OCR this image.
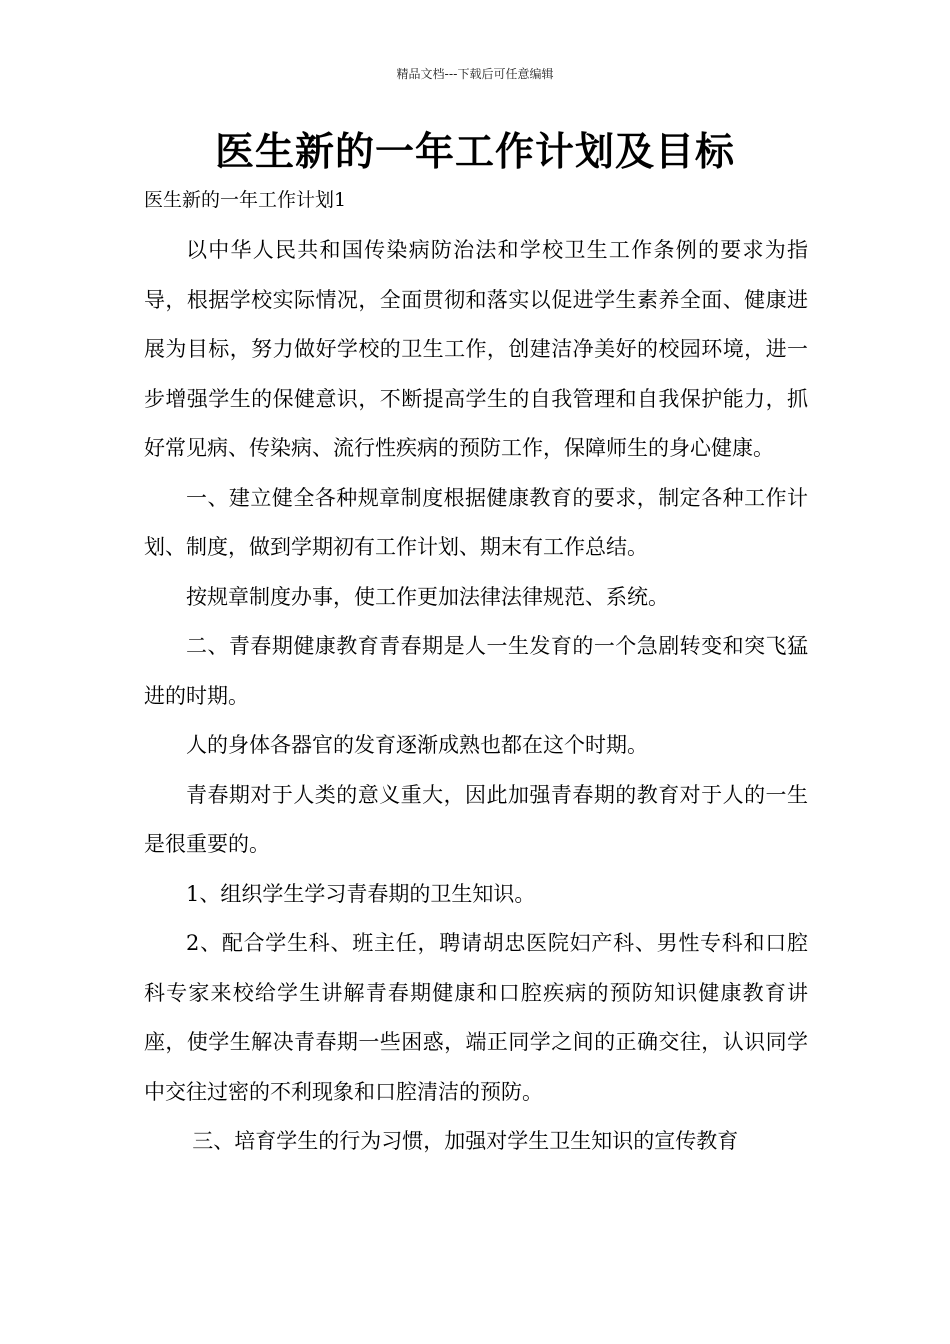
精品文档---下载后可任意编辑
医生新的一年工作计划及目标
医生新的一年工作计划1

以中华人民共和国传染病防治法和学校卫生工作条例的要求为指导，根据学校实际情况，全面贯彻和落实以促进学生素养全面、健康进展为目标，努力做好学校的卫生工作，创建洁净美好的校园环境，进一步增强学生的保健意识，不断提高学生的自我管理和自我保护能力，抓好常见病、传染病、流行性疾病的预防工作，保障师生的身心健康。

一、建立健全各种规章制度根据健康教育的要求，制定各种工作计划、制度，做到学期初有工作计划、期末有工作总结。

按规章制度办事，使工作更加法律法律规范、系统。

二、青春期健康教育青春期是人一生发育的一个急剧转变和突飞猛进的时期。

人的身体各器官的发育逐渐成熟也都在这个时期。

青春期对于人类的意义重大，因此加强青春期的教育对于人的一生是很重要的。

1、组织学生学习青春期的卫生知识。

2、配合学生科、班主任，聘请胡忠医院妇产科、男性专科和口腔科专家来校给学生讲解青春期健康和口腔疾病的预防知识健康教育讲座，使学生解决青春期一些困惑，端正同学之间的正确交往，认识同学中交往过密的不利现象和口腔清洁的预防。

三、培育学生的行为习惯，加强对学生卫生知识的宣传教育
